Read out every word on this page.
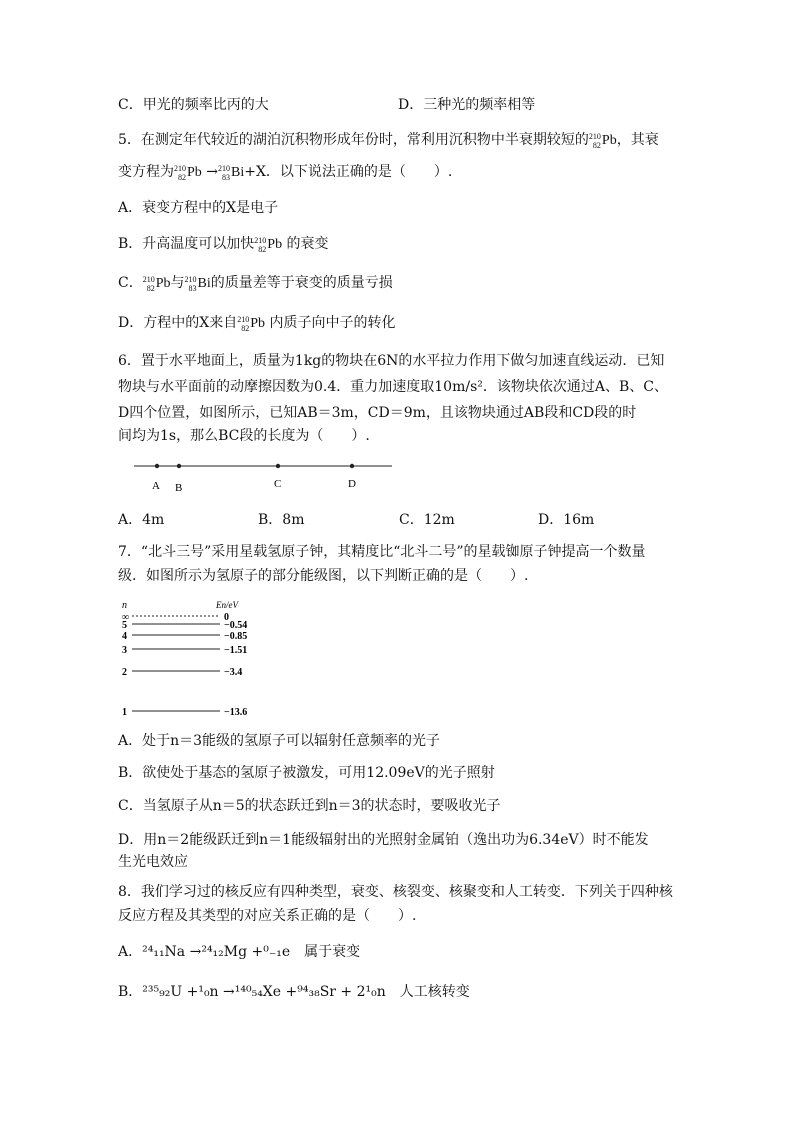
C．甲光的频率比丙的大	D．三种光的频率相等
5．在测定年代较近的湖泊沉积物形成年份时，常利用沉积物中半衰期较短的 210
82 Pb，其衰
变方程为 210
82 Pb → 210
83 Bi+X．以下说法正确的是（　　）.
A．衰变方程中的X是电子
B．升高温度可以加快 210
82 Pb 的衰变
C． 210
82 Pb与 210
83 Bi的质量差等于衰变的质量亏损
D．方程中的X来自 210
82 Pb 内质子向中子的转化
6．置于水平地面上，质量为1kg的物块在6N的水平拉力作用下做匀加速直线运动．已知
物块与水平面前的动摩擦因数为0.4．重力加速度取10m/s²．该物块依次通过A、B、C、
D四个位置，如图所示，已知AB＝3m，CD＝9m，且该物块通过AB段和CD段的时
间均为1s，那么BC段的长度为（　　）.
A B	C	D
A．4m	B．8m	C．12m	D．16m
7．“北斗三号”采用星载氢原子钟，其精度比“北斗二号”的星载铷原子钟提高一个数量
级．如图所示为氢原子的部分能级图，以下判断正确的是（　　）.
n	En/eV
∞	0
5	−0.54
4	−0.85
3	−1.51
2	−3.4
1	−13.6
A．处于n＝3能级的氢原子可以辐射任意频率的光子
B．欲使处于基态的氢原子被激发，可用12.09eV的光子照射
C．当氢原子从n＝5的状态跃迁到n＝3的状态时，要吸收光子
D．用n＝2能级跃迁到n＝1能级辐射出的光照射金属铂（逸出功为6.34eV）时不能发
生光电效应
8．我们学习过的核反应有四种类型，衰变、核裂变、核聚变和人工转变．下列关于四种核
反应方程及其类型的对应关系正确的是（　　）.
A．²⁴₁₁Na →²⁴₁₂Mg +⁰₋₁e　属于衰变
B．²³⁵₉₂U +¹₀n →¹⁴⁰₅₄Xe +⁹⁴₃₈Sr + 2¹₀n　人工核转变
